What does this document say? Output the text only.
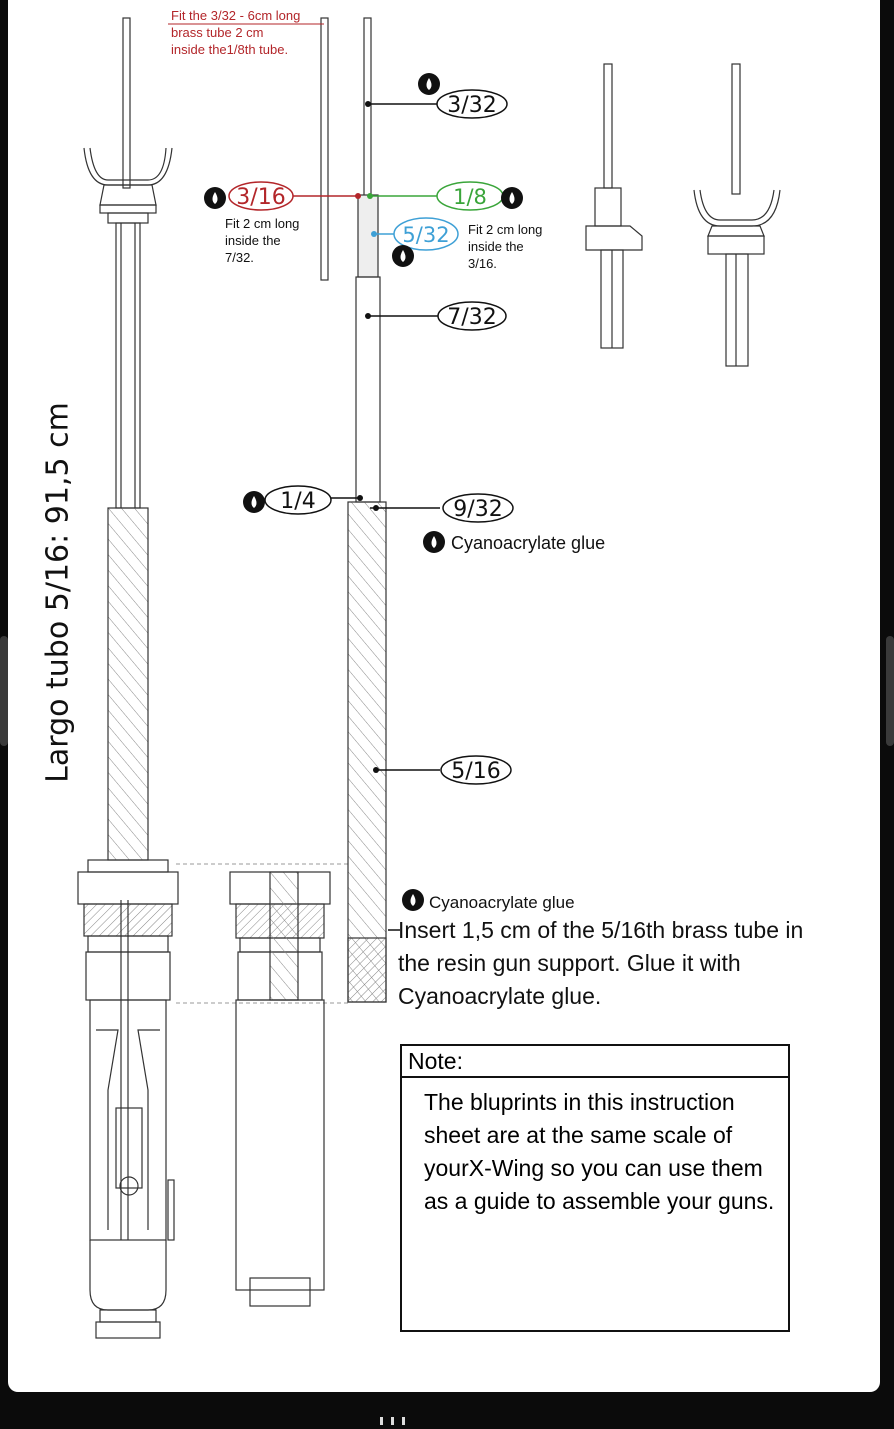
3/32
3/16	1/8
5/32
7/32
1/4	9/32
5/16
Fit the 3/32 - 6cm long
brass tube 2 cm
inside the1/8th tube.
Fit 2 cm long
inside the
7/32.
Fit 2 cm long
inside the
3/16.
Cyanoacrylate glue
Cyanoacrylate glue
Largo tubo 5/16: 91,5 cm
Insert 1,5 cm of the 5/16th brass tube in the resin gun support. Glue it with Cyanoacrylate glue.
Note:
The bluprints in this instruction sheet are at the same scale of yourX-Wing so you can use them as a guide to assemble your guns.
